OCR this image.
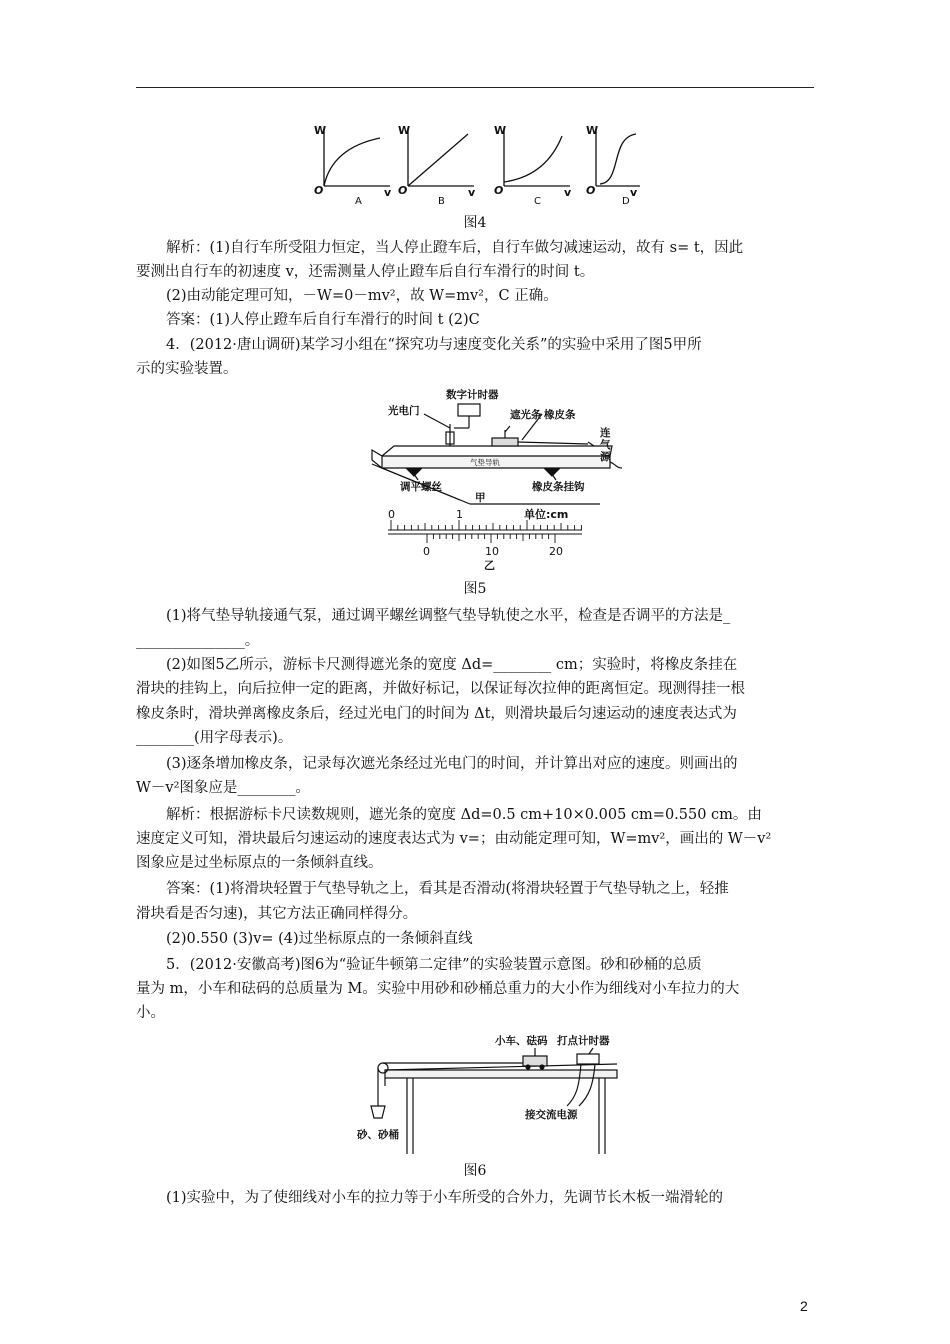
W	W	W	W
O	O	O	O
v	v	v	v
A	B	C	D
图4
解析：(1)自行车所受阻力恒定，当人停止蹬车后，自行车做匀减速运动，故有 s= t，因此
要测出自行车的初速度 v，还需测量人停止蹬车后自行车滑行的时间 t。
(2)由动能定理可知，－W=0－mv²，故 W=mv²，C 正确。
答案：(1)人停止蹬车后自行车滑行的时间 t (2)C
4．(2012·唐山调研)某学习小组在“探究功与速度变化关系”的实验中采用了图5甲所
示的实验装置。
数字计时器
光电门	遮光条 橡皮条
调平螺丝	橡皮条挂钩
甲
气垫导轨
连气源
0	1	单位:cm
0	10	20
乙
图5
(1)将气垫导轨接通气泵，通过调平螺丝调整气垫导轨使之水平，检查是否调平的方法是_
_______________。
(2)如图5乙所示，游标卡尺测得遮光条的宽度 Δd=________ cm；实验时，将橡皮条挂在
滑块的挂钩上，向后拉伸一定的距离，并做好标记，以保证每次拉伸的距离恒定。现测得挂一根
橡皮条时，滑块弹离橡皮条后，经过光电门的时间为 Δt，则滑块最后匀速运动的速度表达式为
________(用字母表示)。
(3)逐条增加橡皮条，记录每次遮光条经过光电门的时间，并计算出对应的速度。则画出的
W－v²图象应是________。
解析：根据游标卡尺读数规则，遮光条的宽度 Δd=0.5 cm+10×0.005 cm=0.550 cm。由
速度定义可知，滑块最后匀速运动的速度表达式为 v=；由动能定理可知，W=mv²，画出的 W－v²
图象应是过坐标原点的一条倾斜直线。
答案：(1)将滑块轻置于气垫导轨之上，看其是否滑动(将滑块轻置于气垫导轨之上，轻推
滑块看是否匀速)，其它方法正确同样得分。
(2)0.550 (3)v= (4)过坐标原点的一条倾斜直线
5．(2012·安徽高考)图6为“验证牛顿第二定律”的实验装置示意图。砂和砂桶的总质
量为 m，小车和砝码的总质量为 M。实验中用砂和砂桶总重力的大小作为细线对小车拉力的大
小。
小车、砝码 打点计时器
接交流电源
砂、砂桶
图6
(1)实验中，为了使细线对小车的拉力等于小车所受的合外力，先调节长木板一端滑轮的
2
